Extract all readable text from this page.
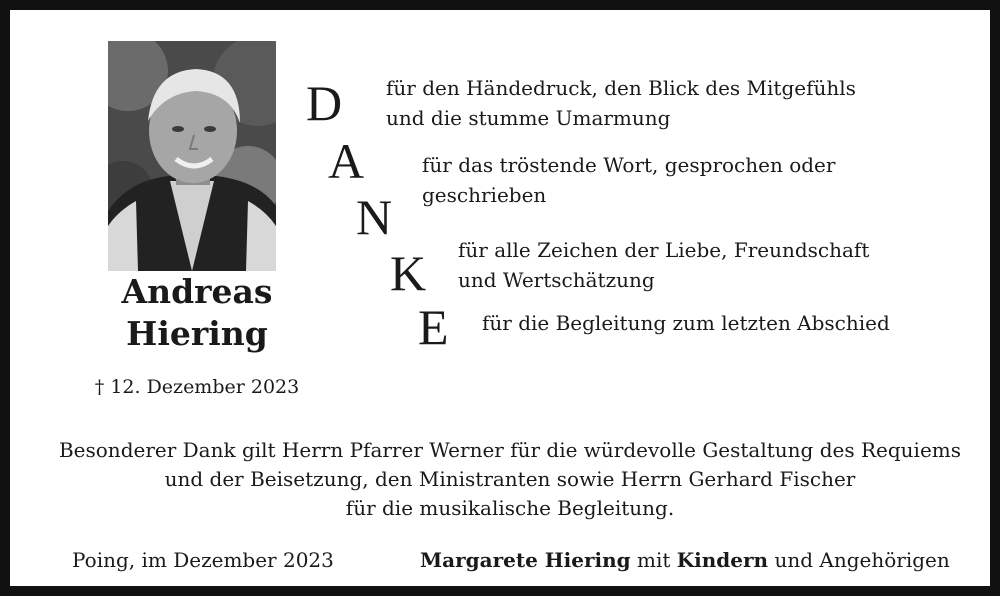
Andreas
Hiering
† 12. Dezember 2023
D für den Händedruck, den Blick des Mitgefühls
und die stumme Umarmung
A	für das tröstende Wort, gesprochen oder
geschrieben
N
K für alle Zeichen der Liebe, Freundschaft
und Wertschätzung
E für die Begleitung zum letzten Abschied
Besonderer Dank gilt Herrn Pfarrer Werner für die würdevolle Gestaltung des Requiems
und der Beisetzung, den Ministranten sowie Herrn Gerhard Fischer
für die musikalische Begleitung.
Poing, im Dezember 2023	Margarete Hiering mit Kindern und Angehörigen
